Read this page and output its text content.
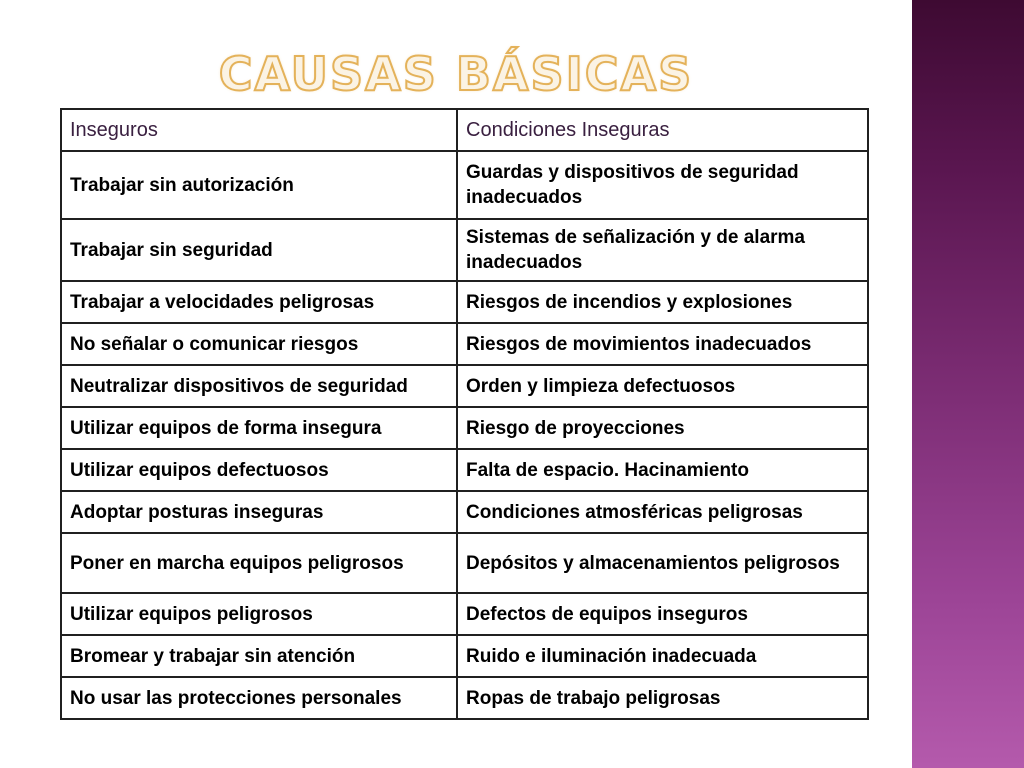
CAUSAS BÁSICAS
Inseguros	Condiciones Inseguras
Trabajar sin autorización	Guardas y dispositivos de seguridad inadecuados
Trabajar sin seguridad	Sistemas de señalización y de alarma inadecuados
Trabajar a velocidades peligrosas	Riesgos de incendios y explosiones
No señalar o comunicar riesgos	Riesgos de movimientos inadecuados
Neutralizar dispositivos de seguridad	Orden y limpieza defectuosos
Utilizar equipos de forma insegura	Riesgo de proyecciones
Utilizar equipos defectuosos	Falta de espacio. Hacinamiento
Adoptar posturas inseguras	Condiciones atmosféricas peligrosas
Poner en marcha equipos peligrosos	Depósitos y almacenamientos peligrosos
Utilizar equipos peligrosos	Defectos de equipos inseguros
Bromear y trabajar sin atención	Ruido e iluminación inadecuada
No usar las protecciones personales	Ropas de trabajo peligrosas
